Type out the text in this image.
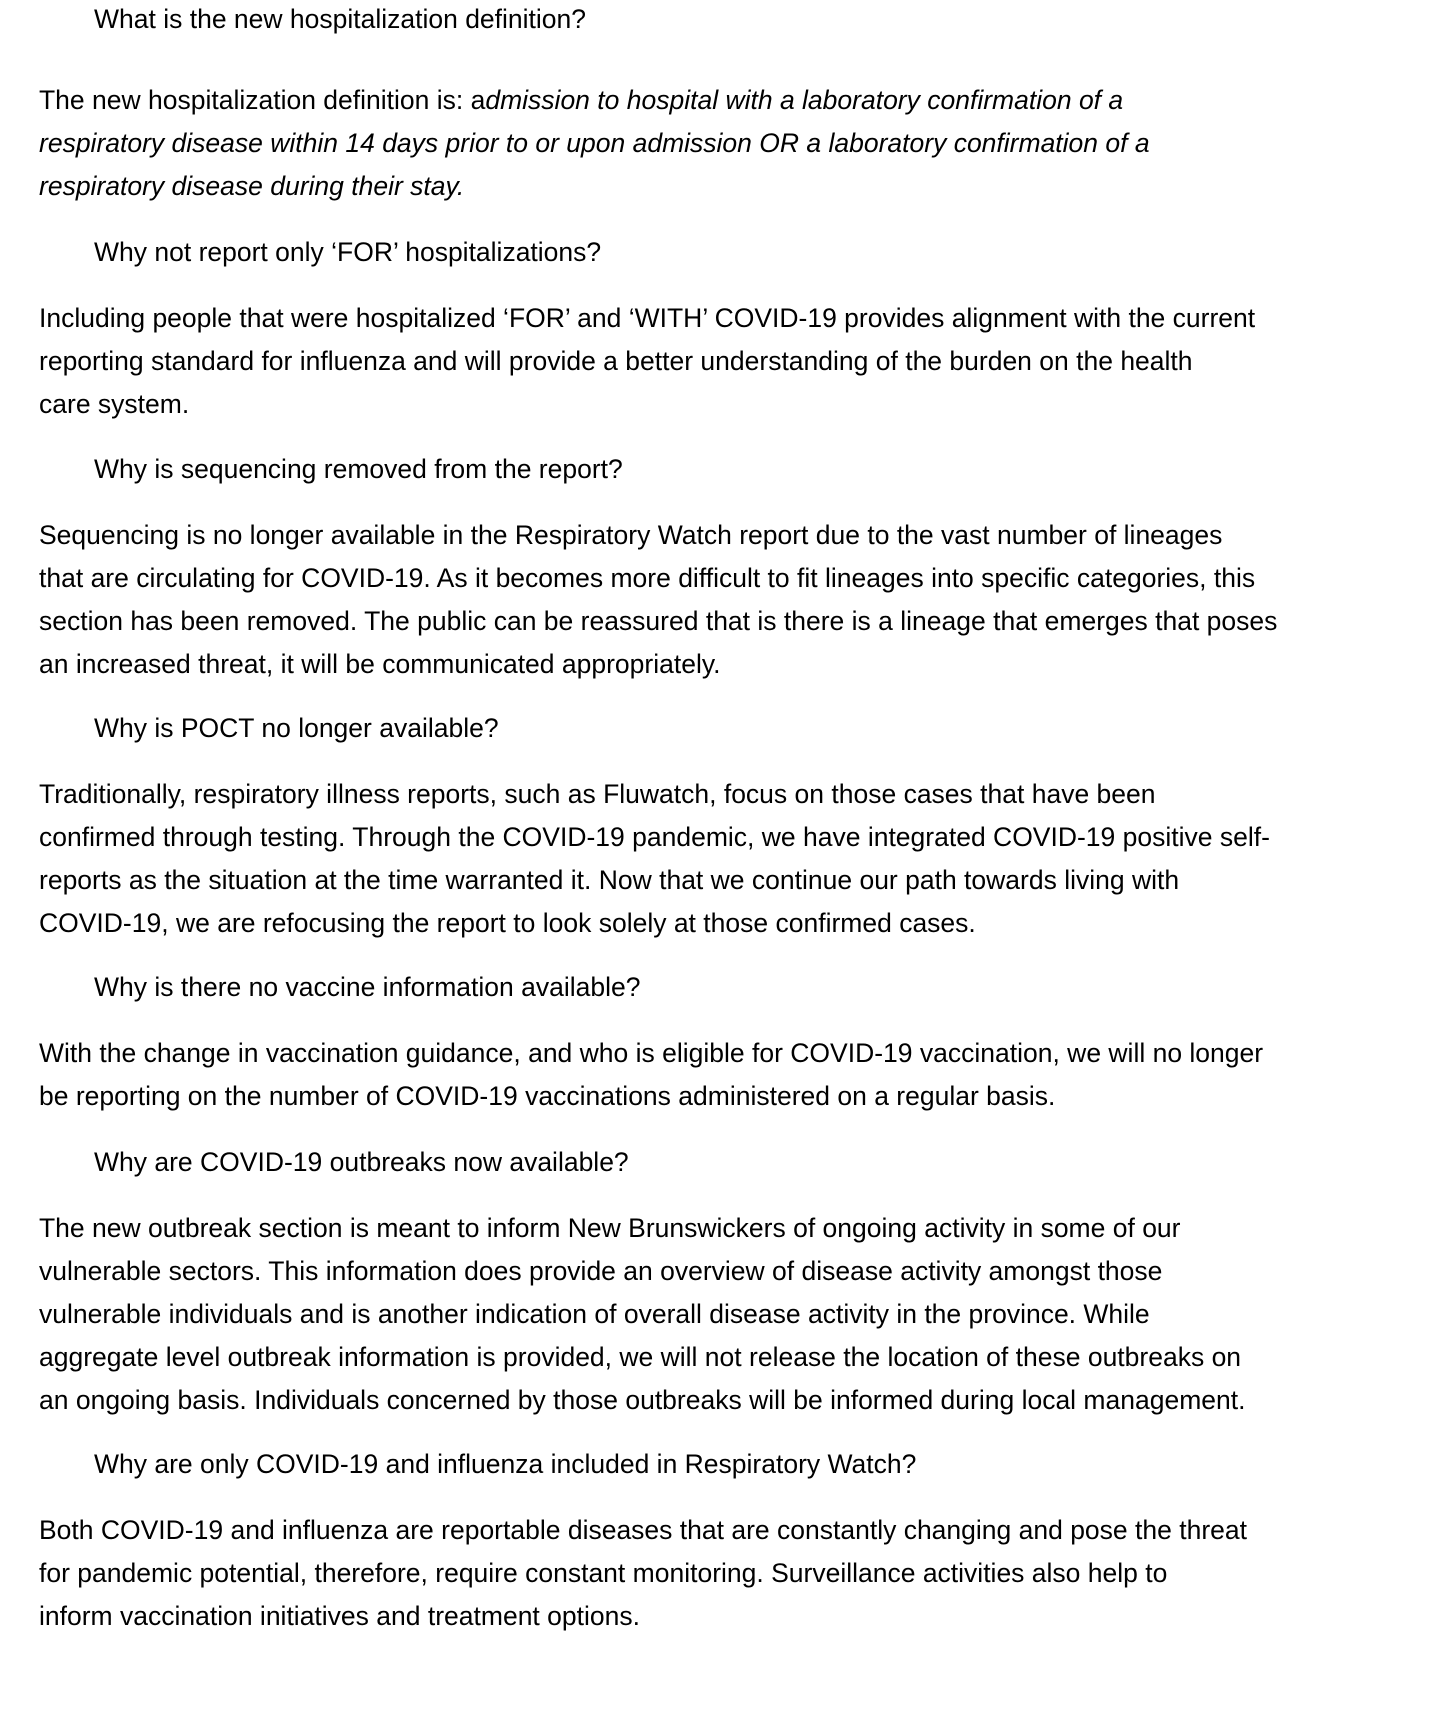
What is the new hospitalization definition?

The new hospitalization definition is: admission to hospital with a laboratory confirmation of a
respiratory disease within 14 days prior to or upon admission OR a laboratory confirmation of a
respiratory disease during their stay.

Why not report only ‘FOR’ hospitalizations?

Including people that were hospitalized ‘FOR’ and ‘WITH’ COVID-19 provides alignment with the current
reporting standard for influenza and will provide a better understanding of the burden on the health
care system.

Why is sequencing removed from the report?

Sequencing is no longer available in the Respiratory Watch report due to the vast number of lineages
that are circulating for COVID-19. As it becomes more difficult to fit lineages into specific categories, this
section has been removed. The public can be reassured that is there is a lineage that emerges that poses
an increased threat, it will be communicated appropriately.

Why is POCT no longer available?

Traditionally, respiratory illness reports, such as Fluwatch, focus on those cases that have been
confirmed through testing. Through the COVID-19 pandemic, we have integrated COVID-19 positive self-
reports as the situation at the time warranted it. Now that we continue our path towards living with
COVID-19, we are refocusing the report to look solely at those confirmed cases.

Why is there no vaccine information available?

With the change in vaccination guidance, and who is eligible for COVID-19 vaccination, we will no longer
be reporting on the number of COVID-19 vaccinations administered on a regular basis.

Why are COVID-19 outbreaks now available?

The new outbreak section is meant to inform New Brunswickers of ongoing activity in some of our
vulnerable sectors. This information does provide an overview of disease activity amongst those
vulnerable individuals and is another indication of overall disease activity in the province. While
aggregate level outbreak information is provided, we will not release the location of these outbreaks on
an ongoing basis. Individuals concerned by those outbreaks will be informed during local management.

Why are only COVID-19 and influenza included in Respiratory Watch?

Both COVID-19 and influenza are reportable diseases that are constantly changing and pose the threat
for pandemic potential, therefore, require constant monitoring. Surveillance activities also help to
inform vaccination initiatives and treatment options.
